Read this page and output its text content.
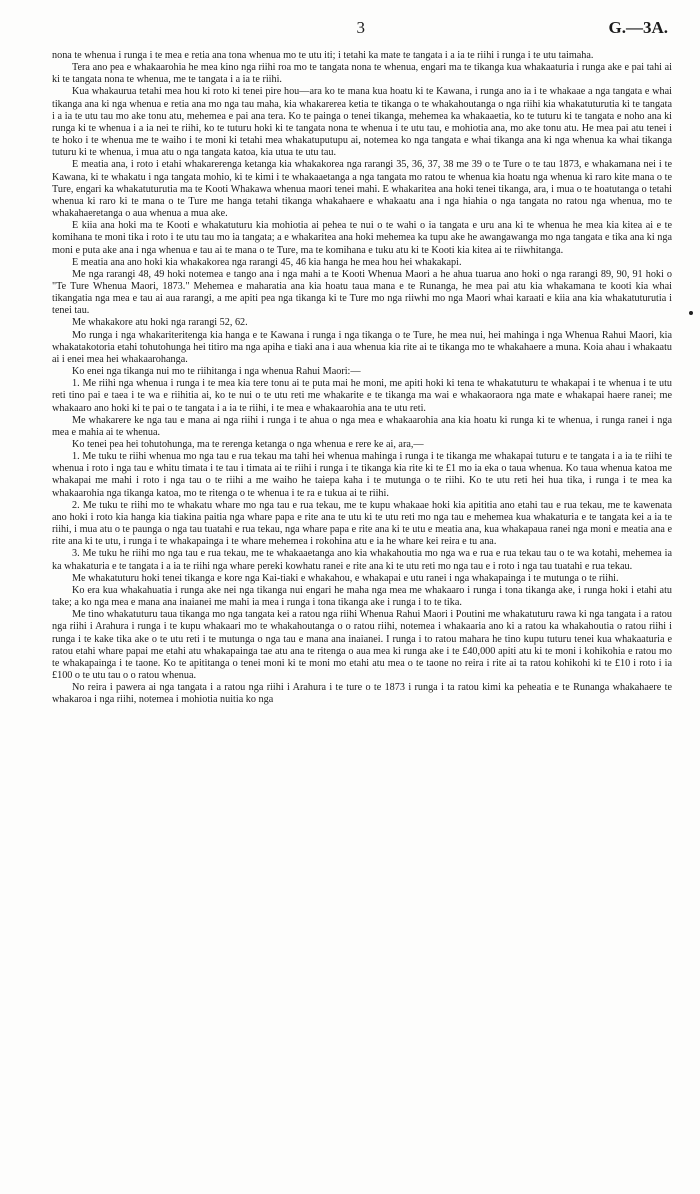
3	G.—3A.

nona te whenua i runga i te mea e retia ana tona whenua mo te utu iti; i tetahi ka mate te tangata i a ia te riihi i runga i te utu taimaha.

Tera ano pea e whakaarohia he mea kino nga riihi roa mo te tangata nona te whenua, engari ma te tikanga kua whakaaturia i runga ake e pai tahi ai ki te tangata nona te whenua, me te tangata i a ia te riihi.

Kua whakaurua tetahi mea hou ki roto ki tenei pire hou—ara ko te mana kua hoatu ki te Kawana, i runga ano ia i te whakaae a nga tangata e whai tikanga ana ki nga whenua e retia ana mo nga tau maha, kia whakarerea ketia te tikanga o te whakahoutanga o nga riihi kia whakatuturutia ki te tangata i a ia te utu tau mo ake tonu atu, mehemea e pai ana tera. Ko te painga o tenei tikanga, mehemea ka whakaaetia, ko te tuturu ki te tangata e noho ana ki runga ki te whenua i a ia nei te riihi, ko te tuturu hoki ki te tangata nona te whenua i te utu tau, e mohiotia ana, mo ake tonu atu. He mea pai atu tenei i te hoko i te whenua me te waiho i te moni ki tetahi mea whakatuputupu ai, notemea ko nga tangata e whai tikanga ana ki nga whenua ka whai tikanga tuturu ki te whenua, i mua atu o nga tangata katoa, kia utua te utu tau.

E meatia ana, i roto i etahi whakarerenga ketanga kia whakakorea nga rarangi 35, 36, 37, 38 me 39 o te Ture o te tau 1873, e whakamana nei i te Kawana, ki te whakatu i nga tangata mohio, ki te kimi i te whakaaetanga a nga tangata mo ratou te whenua kia hoatu nga whenua ki raro kite mana o te Ture, engari ka whakatuturutia ma te Kooti Whakawa whenua maori tenei mahi. E whakaritea ana hoki tenei tikanga, ara, i mua o te hoatutanga o tetahi whenua ki raro ki te mana o te Ture me hanga tetahi tikanga whakahaere e whakaatu ana i nga hiahia o nga tangata no ratou nga whenua, mo te whakahaeretanga o aua whenua a mua ake.

E kiia ana hoki ma te Kooti e whakatuturu kia mohiotia ai pehea te nui o te wahi o ia tangata e uru ana ki te whenua he mea kia kitea ai e te komihana te moni tika i roto i te utu tau mo ia tangata; a e whakaritea ana hoki mehemea ka tupu ake he awangawanga mo nga tangata e tika ana ki nga moni e puta ake ana i nga whenua e tau ai te mana o te Ture, ma te komihana e tuku atu ki te Kooti kia kitea ai te riiwhitanga.

E meatia ana ano hoki kia whakakorea nga rarangi 45, 46 kia hanga he mea hou hei whakakapi.

Me nga rarangi 48, 49 hoki notemea e tango ana i nga mahi a te Kooti Whenua Maori a he ahua tuarua ano hoki o nga rarangi 89, 90, 91 hoki o "Te Ture Whenua Maori, 1873." Mehemea e maharatia ana kia hoatu taua mana e te Runanga, he mea pai atu kia whakamana te kooti kia whai tikangatia nga mea e tau ai aua rarangi, a me apiti pea nga tikanga ki te Ture mo nga riiwhi mo nga Maori whai karaati e kiia ana kia whakatuturutia i tenei tau.

Me whakakore atu hoki nga rarangi 52, 62.

Mo runga i nga whakariteritenga kia hanga e te Kawana i runga i nga tikanga o te Ture, he mea nui, hei mahinga i nga Whenua Rahui Maori, kia whakatakotoria etahi tohutohunga hei titiro ma nga apiha e tiaki ana i aua whenua kia rite ai te tikanga mo te whakahaere a muna. Koia ahau i whakaatu ai i enei mea hei whakaarohanga.

Ko enei nga tikanga nui mo te riihitanga i nga whenua Rahui Maori:—

1. Me riihi nga whenua i runga i te mea kia tere tonu ai te puta mai he moni, me apiti hoki ki tena te whakatuturu te whakapai i te whenua i te utu reti tino pai e taea i te wa e riihitia ai, ko te nui o te utu reti me whakarite e te tikanga ma wai e whakaoraora nga mate e whakapai haere ranei; me whakaaro ano hoki ki te pai o te tangata i a ia te riihi, i te mea e whakaarohia ana te utu reti.

Me whakarere ke nga tau e mana ai nga riihi i runga i te ahua o nga mea e whakaarohia ana kia hoatu ki runga ki te whenua, i runga ranei i nga mea e mahia ai te whenua.

Ko tenei pea hei tohutohunga, ma te rerenga ketanga o nga whenua e rere ke ai, ara,—

1. Me tuku te riihi whenua mo nga tau e rua tekau ma tahi hei whenua mahinga i runga i te tikanga me whakapai tuturu e te tangata i a ia te riihi te whenua i roto i nga tau e whitu timata i te tau i timata ai te riihi i runga i te tikanga kia rite ki te £1 mo ia eka o taua whenua. Ko taua whenua katoa me whakapai me mahi i roto i nga tau o te riihi a me waiho he taiepa kaha i te mutunga o te riihi. Ko te utu reti hei hua tika, i runga i te mea ka whakaarohia nga tikanga katoa, mo te ritenga o te whenua i te ra e tukua ai te riihi.

2. Me tuku te riihi mo te whakatu whare mo nga tau e rua tekau, me te kupu whakaae hoki kia apititia ano etahi tau e rua tekau, me te kawenata ano hoki i roto kia hanga kia tiakina paitia nga whare papa e rite ana te utu ki te utu reti mo nga tau e mehemea kua whakaturia e te tangata kei a ia te riihi, i mua atu o te paunga o nga tau tuatahi e rua tekau, nga whare papa e rite ana ki te utu e meatia ana, kua whakapaua ranei nga moni e meatia ana e rite ana ki te utu, i runga i te whakapainga i te whare mehemea i rokohina atu e ia he whare kei reira e tu ana.

3. Me tuku he riihi mo nga tau e rua tekau, me te whakaaetanga ano kia whakahoutia mo nga wa e rua e rua tekau tau o te wa kotahi, mehemea ia ka whakaturia e te tangata i a ia te riihi nga whare pereki kowhatu ranei e rite ana ki te utu reti mo nga tau e i roto i nga tau tuatahi e rua tekau.

Me whakatuturu hoki tenei tikanga e kore nga Kai-tiaki e whakahou, e whakapai e utu ranei i nga whakapainga i te mutunga o te riihi.

Ko era kua whakahuatia i runga ake nei nga tikanga nui engari he maha nga mea me whakaaro i runga i tona tikanga ake, i runga hoki i etahi atu take; a ko nga mea e mana ana inaianei me mahi ia mea i runga i tona tikanga ake i runga i to te tika.

Me tino whakatuturu taua tikanga mo nga tangata kei a ratou nga riihi Whenua Rahui Maori i Poutini me whakatuturu rawa ki nga tangata i a ratou nga riihi i Arahura i runga i te kupu whakaari mo te whakahoutanga o o ratou riihi, notemea i whakaaria ano ki a ratou ka whakahoutia o ratou riihi i runga i te kake tika ake o te utu reti i te mutunga o nga tau e mana ana inaianei. I runga i to ratou mahara he tino kupu tuturu tenei kua whakaaturia e ratou etahi whare papai me etahi atu whakapainga tae atu ana te ritenga o aua mea ki runga ake i te £40,000 apiti atu ki te moni i kohikohia e ratou mo te whakapainga i te taone. Ko te apititanga o tenei moni ki te moni mo etahi atu mea o te taone no reira i rite ai ta ratou kohikohi ki te £10 i roto i ia £100 o te utu tau o o ratou whenua.

No reira i pawera ai nga tangata i a ratou nga riihi i Arahura i te ture o te 1873 i runga i ta ratou kimi ka peheatia e te Runanga whakahaere te whakaroa i nga riihi, notemea i mohiotia nuitia ko nga
